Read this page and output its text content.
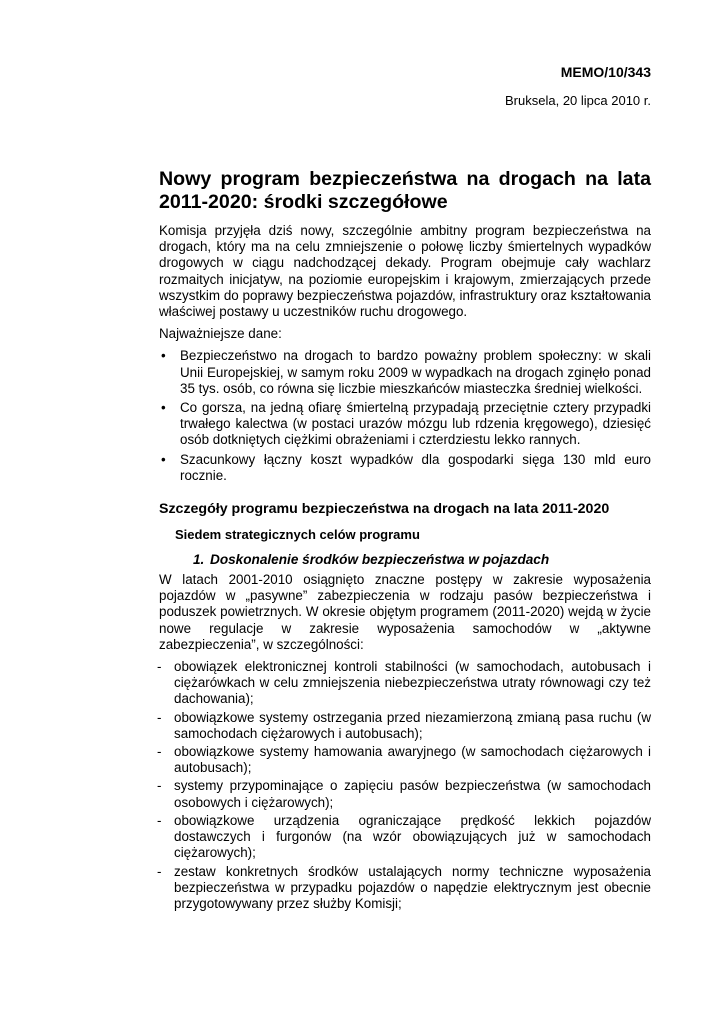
MEMO/10/343
Bruksela, 20 lipca 2010 r.
Nowy program bezpieczeństwa na drogach na lata 2011-2020: środki szczegółowe

Komisja przyjęła dziś nowy, szczególnie ambitny program bezpieczeństwa na drogach, który ma na celu zmniejszenie o połowę liczby śmiertelnych wypadków drogowych w ciągu nadchodzącej dekady. Program obejmuje cały wachlarz rozmaitych inicjatyw, na poziomie europejskim i krajowym, zmierzających przede wszystkim do poprawy bezpieczeństwa pojazdów, infrastruktury oraz kształtowania właściwej postawy u uczestników ruchu drogowego.

Najważniejsze dane:

• Bezpieczeństwo na drogach to bardzo poważny problem społeczny: w skali Unii Europejskiej, w samym roku 2009 w wypadkach na drogach zginęło ponad 35 tys. osób, co równa się liczbie mieszkańców miasteczka średniej wielkości.
• Co gorsza, na jedną ofiarę śmiertelną przypadają przeciętnie cztery przypadki trwałego kalectwa (w postaci urazów mózgu lub rdzenia kręgowego), dziesięć osób dotkniętych ciężkimi obrażeniami i czterdziestu lekko rannych.
• Szacunkowy łączny koszt wypadków dla gospodarki sięga 130 mld euro rocznie.
Szczegóły programu bezpieczeństwa na drogach na lata 2011-2020
Siedem strategicznych celów programu
1. Doskonalenie środków bezpieczeństwa w pojazdach

W latach 2001-2010 osiągnięto znaczne postępy w zakresie wyposażenia pojazdów w „pasywne” zabezpieczenia w rodzaju pasów bezpieczeństwa i poduszek powietrznych. W okresie objętym programem (2011-2020) wejdą w życie nowe regulacje w zakresie wyposażenia samochodów w „aktywne zabezpieczenia”, w szczególności:

- obowiązek elektronicznej kontroli stabilności (w samochodach, autobusach i ciężarówkach w celu zmniejszenia niebezpieczeństwa utraty równowagi czy też dachowania);
- obowiązkowe systemy ostrzegania przed niezamierzoną zmianą pasa ruchu (w samochodach ciężarowych i autobusach);
- obowiązkowe systemy hamowania awaryjnego (w samochodach ciężarowych i autobusach);
- systemy przypominające o zapięciu pasów bezpieczeństwa (w samochodach osobowych i ciężarowych);
- obowiązkowe urządzenia ograniczające prędkość lekkich pojazdów dostawczych i furgonów (na wzór obowiązujących już w samochodach ciężarowych);
- zestaw konkretnych środków ustalających normy techniczne wyposażenia bezpieczeństwa w przypadku pojazdów o napędzie elektrycznym jest obecnie przygotowywany przez służby Komisji;
